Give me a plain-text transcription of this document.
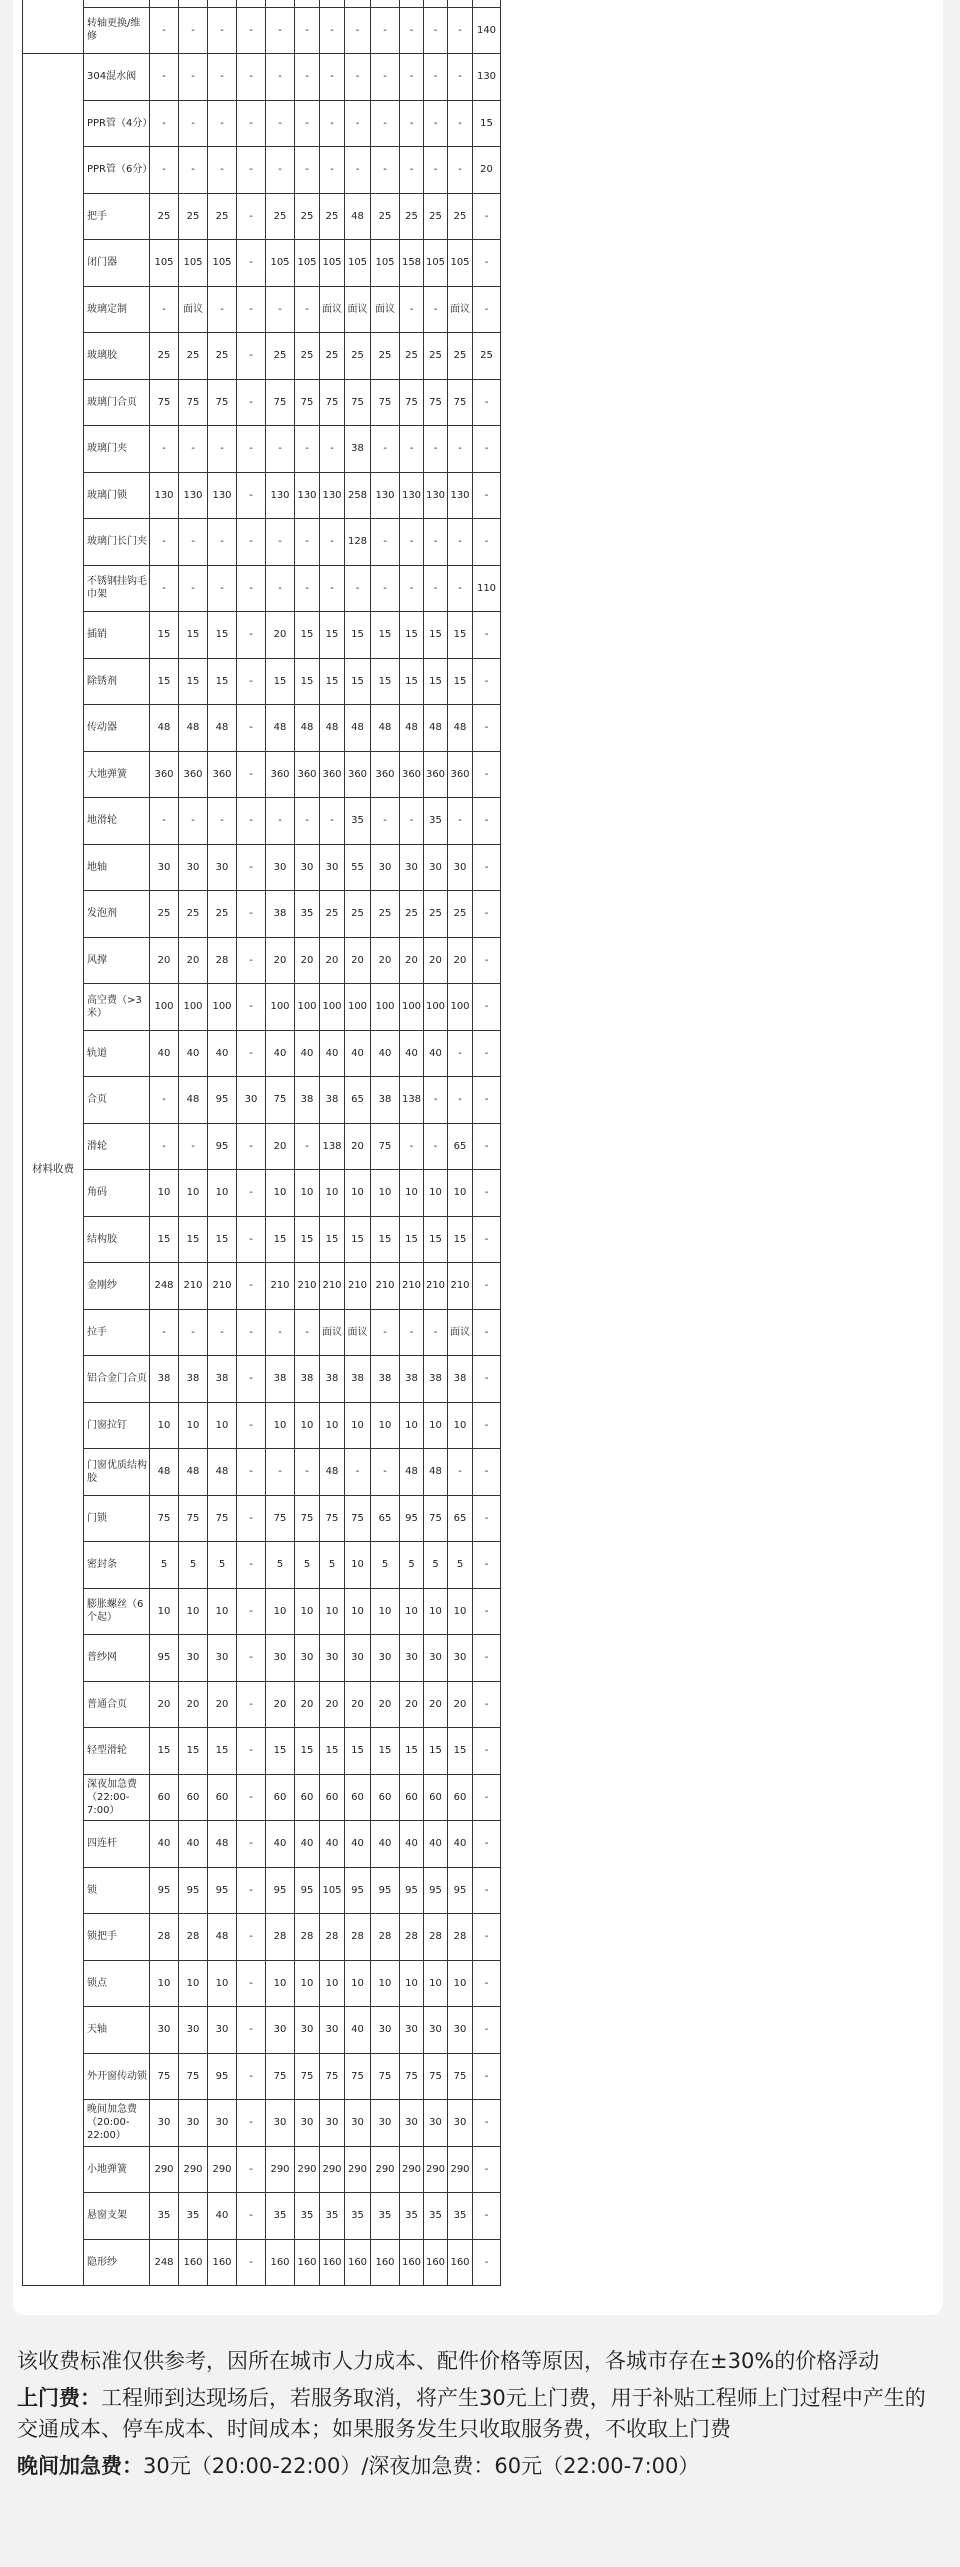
	转轴更换/维修	-	-	-	-	-	-	-	-	-	-	-	-	140
材料收费	304混水阀	-	-	-	-	-	-	-	-	-	-	-	-	130
	PPR管（4分）	-	-	-	-	-	-	-	-	-	-	-	-	15
	PPR管（6分）	-	-	-	-	-	-	-	-	-	-	-	-	20
	把手	25	25	25	-	25	25	25	48	25	25	25	25	-
	闭门器	105	105	105	-	105	105	105	105	105	158	105	105	-
	玻璃定制	-	面议	-	-	-	-	面议	面议	面议	-	-	面议	-
	玻璃胶	25	25	25	-	25	25	25	25	25	25	25	25	25
	玻璃门合页	75	75	75	-	75	75	75	75	75	75	75	75	-
	玻璃门夹	-	-	-	-	-	-	-	38	-	-	-	-	-
	玻璃门锁	130	130	130	-	130	130	130	258	130	130	130	130	-
	玻璃门长门夹	-	-	-	-	-	-	-	128	-	-	-	-	-
	不锈钢挂钩毛巾架	-	-	-	-	-	-	-	-	-	-	-	-	110
	插销	15	15	15	-	20	15	15	15	15	15	15	15	-
	除锈剂	15	15	15	-	15	15	15	15	15	15	15	15	-
	传动器	48	48	48	-	48	48	48	48	48	48	48	48	-
	大地弹簧	360	360	360	-	360	360	360	360	360	360	360	360	-
	地滑轮	-	-	-	-	-	-	-	35	-	-	35	-	-
	地轴	30	30	30	-	30	30	30	55	30	30	30	30	-
	发泡剂	25	25	25	-	38	35	25	25	25	25	25	25	-
	风撑	20	20	28	-	20	20	20	20	20	20	20	20	-
	高空费（>3米）	100	100	100	-	100	100	100	100	100	100	100	100	-
	轨道	40	40	40	-	40	40	40	40	40	40	40	-	-
	合页	-	48	95	30	75	38	38	65	38	138	-	-	-
	滑轮	-	-	95	-	20	-	138	20	75	-	-	65	-
	角码	10	10	10	-	10	10	10	10	10	10	10	10	-
	结构胶	15	15	15	-	15	15	15	15	15	15	15	15	-
	金刚纱	248	210	210	-	210	210	210	210	210	210	210	210	-
	拉手	-	-	-	-	-	-	面议	面议	-	-	-	面议	-
	铝合金门合页	38	38	38	-	38	38	38	38	38	38	38	38	-
	门窗拉钉	10	10	10	-	10	10	10	10	10	10	10	10	-
	门窗优质结构胶	48	48	48	-	-	-	48	-	-	48	48	-	-
	门锁	75	75	75	-	75	75	75	75	65	95	75	65	-
	密封条	5	5	5	-	5	5	5	10	5	5	5	5	-
	膨胀螺丝（6个起）	10	10	10	-	10	10	10	10	10	10	10	10	-
	普纱网	95	30	30	-	30	30	30	30	30	30	30	30	-
	普通合页	20	20	20	-	20	20	20	20	20	20	20	20	-
	轻型滑轮	15	15	15	-	15	15	15	15	15	15	15	15	-
	深夜加急费（22:00-7:00）	60	60	60	-	60	60	60	60	60	60	60	60	-
	四连杆	40	40	48	-	40	40	40	40	40	40	40	40	-
	锁	95	95	95	-	95	95	105	95	95	95	95	95	-
	锁把手	28	28	48	-	28	28	28	28	28	28	28	28	-
	锁点	10	10	10	-	10	10	10	10	10	10	10	10	-
	天轴	30	30	30	-	30	30	30	40	30	30	30	30	-
	外开窗传动锁	75	75	95	-	75	75	75	75	75	75	75	75	-
	晚间加急费（20:00-22:00）	30	30	30	-	30	30	30	30	30	30	30	30	-
	小地弹簧	290	290	290	-	290	290	290	290	290	290	290	290	-
	悬窗支架	35	35	40	-	35	35	35	35	35	35	35	35	-
	隐形纱	248	160	160	-	160	160	160	160	160	160	160	160	-

该收费标准仅供参考，因所在城市人力成本、配件价格等原因，各城市存在±30%的价格浮动

上门费：工程师到达现场后，若服务取消，将产生30元上门费，用于补贴工程师上门过程中产生的交通成本、停车成本、时间成本；如果服务发生只收取服务费，不收取上门费

晚间加急费：30元（20:00-22:00）/深夜加急费：60元（22:00-7:00）
